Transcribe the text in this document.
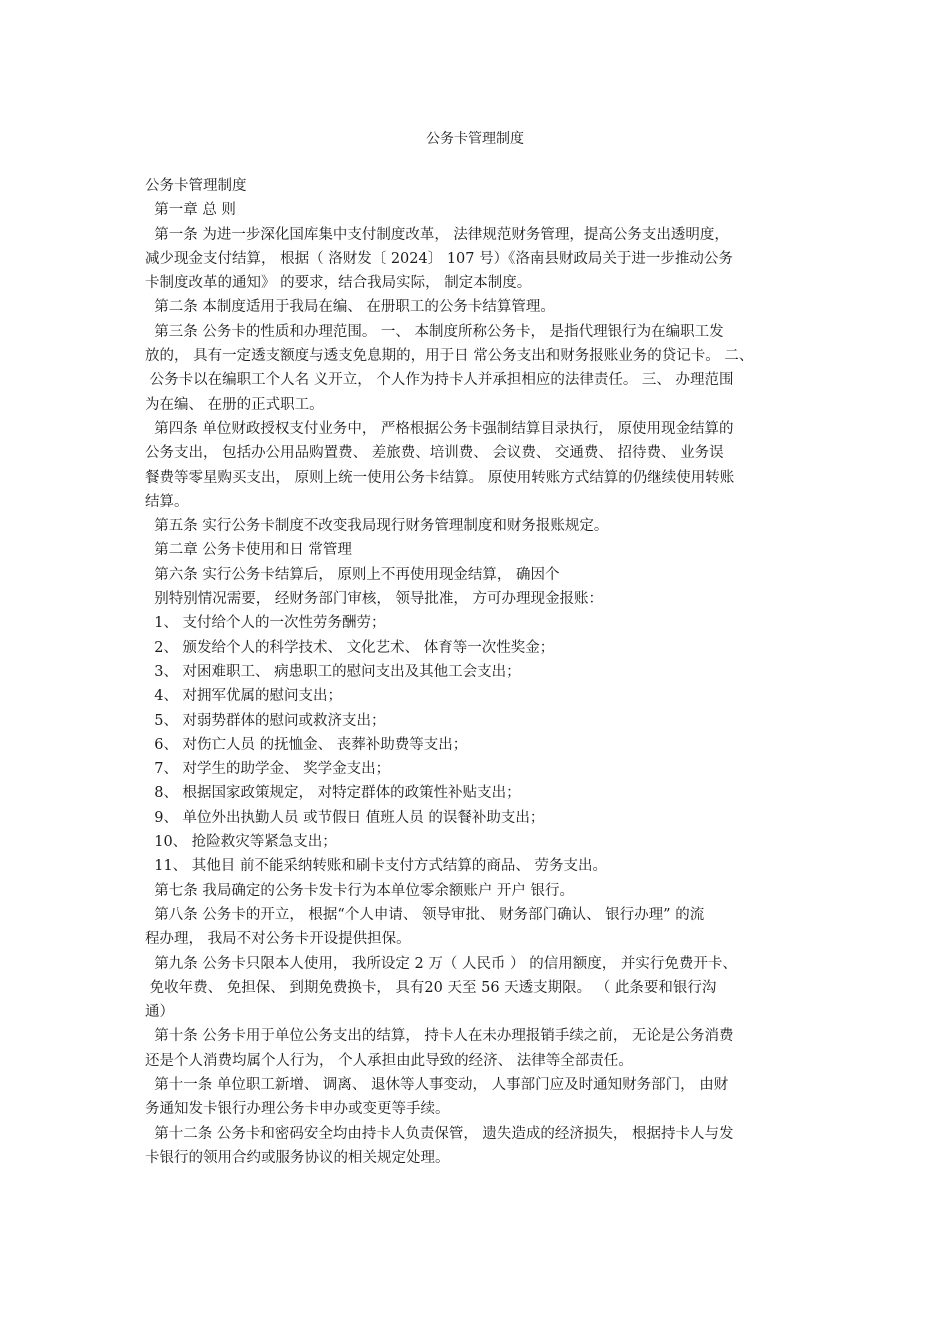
公务卡管理制度
公务卡管理制度
第一章 总 则
第一条 为进一步深化国库集中支付制度改革， 法律规范财务管理，提高公务支出透明度，
减少现金支付结算， 根据（ 洛财发〔 2024〕 107 号）《洛南县财政局关于进一步推动公务
卡制度改革的通知》 的要求，结合我局实际， 制定本制度。
第二条 本制度适用于我局在编、 在册职工的公务卡结算管理。
第三条 公务卡的性质和办理范围。 一、 本制度所称公务卡， 是指代理银行为在编职工发
放的， 具有一定透支额度与透支免息期的，用于日 常公务支出和财务报账业务的贷记卡。 二、
公务卡以在编职工个人名 义开立， 个人作为持卡人并承担相应的法律责任。 三、 办理范围
为在编、 在册的正式职工。
第四条 单位财政授权支付业务中， 严格根据公务卡强制结算目录执行， 原使用现金结算的
公务支出， 包括办公用品购置费、 差旅费、培训费、 会议费、 交通费、 招待费、 业务误
餐费等零星购买支出， 原则上统一使用公务卡结算。 原使用转账方式结算的仍继续使用转账
结算。
第五条 实行公务卡制度不改变我局现行财务管理制度和财务报账规定。
第二章 公务卡使用和日 常管理
第六条 实行公务卡结算后， 原则上不再使用现金结算， 确因个
别特别情况需要， 经财务部门审核， 领导批准， 方可办理现金报账：
1、 支付给个人的一次性劳务酬劳；
2、 颁发给个人的科学技术、 文化艺术、 体育等一次性奖金；
3、 对困难职工、 病患职工的慰问支出及其他工会支出；
4、 对拥军优属的慰问支出；
5、 对弱势群体的慰问或救济支出；
6、 对伤亡人员 的抚恤金、 丧葬补助费等支出；
7、 对学生的助学金、 奖学金支出；
8、 根据国家政策规定， 对特定群体的政策性补贴支出；
9、 单位外出执勤人员 或节假日 值班人员 的误餐补助支出；
10、 抢险救灾等紧急支出；
11、 其他目 前不能采纳转账和刷卡支付方式结算的商品、 劳务支出。
第七条 我局确定的公务卡发卡行为本单位零余额账户 开户 银行。
第八条 公务卡的开立， 根据“个人申请、 领导审批、 财务部门确认、 银行办理” 的流
程办理， 我局不对公务卡开设提供担保。
第九条 公务卡只限本人使用， 我所设定 2 万（ 人民币 ） 的信用额度， 并实行免费开卡、
免收年费、 免担保、 到期免费换卡， 具有20 天至 56 天透支期限。 （ 此条要和银行沟
通）
第十条 公务卡用于单位公务支出的结算， 持卡人在未办理报销手续之前， 无论是公务消费
还是个人消费均属个人行为， 个人承担由此导致的经济、 法律等全部责任。
第十一条 单位职工新增、 调离、 退休等人事变动， 人事部门应及时通知财务部门， 由财
务通知发卡银行办理公务卡申办或变更等手续。
第十二条 公务卡和密码安全均由持卡人负责保管， 遗失造成的经济损失， 根据持卡人与发
卡银行的领用合约或服务协议的相关规定处理。
